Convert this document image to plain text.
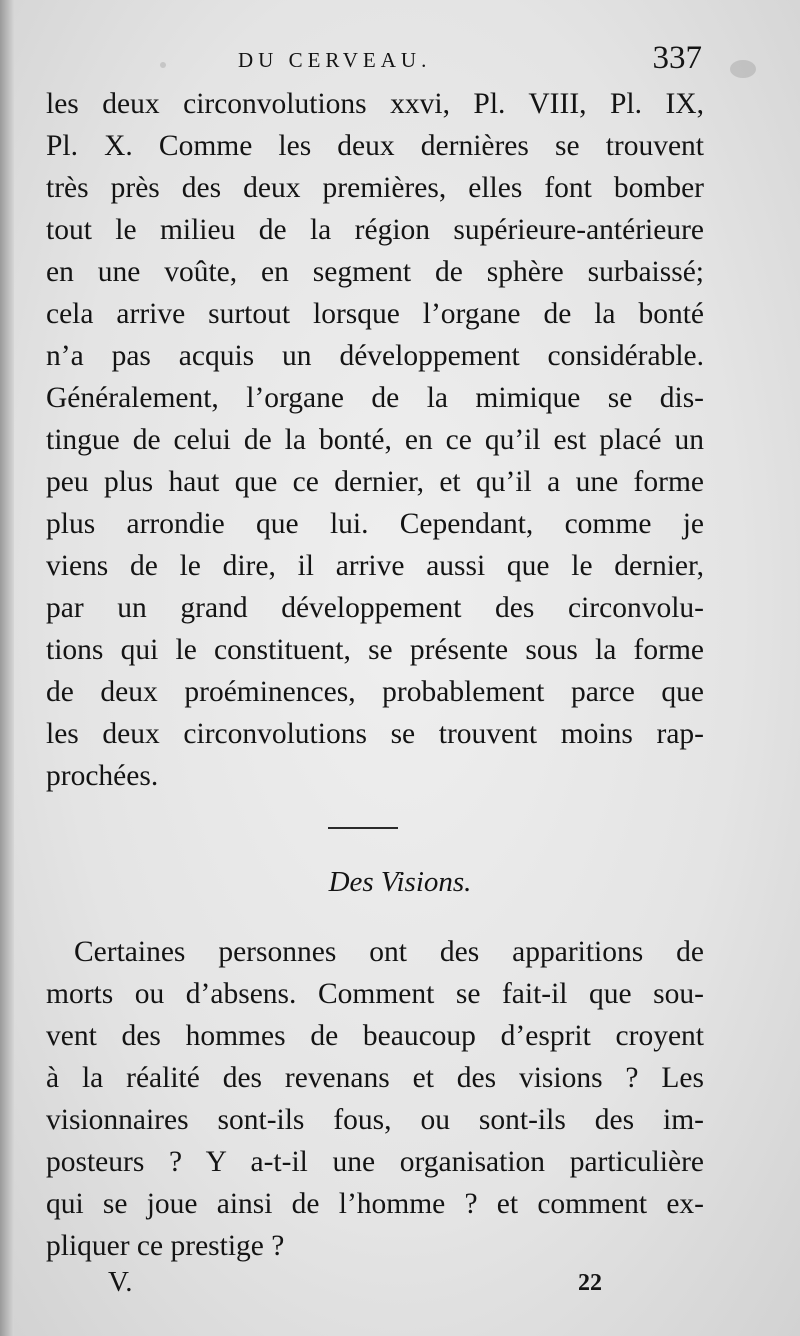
DU CERVEAU.	337
les deux circonvolutions xxvi, Pl. VIII, Pl. IX,
Pl. X. Comme les deux dernières se trouvent
très près des deux premières, elles font bomber
tout le milieu de la région supérieure-antérieure
en une voûte, en segment de sphère surbaissé;
cela arrive surtout lorsque l’organe de la bonté
n’a pas acquis un développement considérable.
Généralement, l’organe de la mimique se dis-
tingue de celui de la bonté, en ce qu’il est placé un
peu plus haut que ce dernier, et qu’il a une forme
plus arrondie que lui. Cependant, comme je
viens de le dire, il arrive aussi que le dernier,
par un grand développement des circonvolu-
tions qui le constituent, se présente sous la forme
de deux proéminences, probablement parce que
les deux circonvolutions se trouvent moins rap-
prochées.
Des Visions.
Certaines personnes ont des apparitions de
morts ou d’absens. Comment se fait-il que sou-
vent des hommes de beaucoup d’esprit croyent
à la réalité des revenans et des visions ? Les
visionnaires sont-ils fous, ou sont-ils des im-
posteurs ? Y a-t-il une organisation particulière
qui se joue ainsi de l’homme ? et comment ex-
pliquer ce prestige ?
V.	22
